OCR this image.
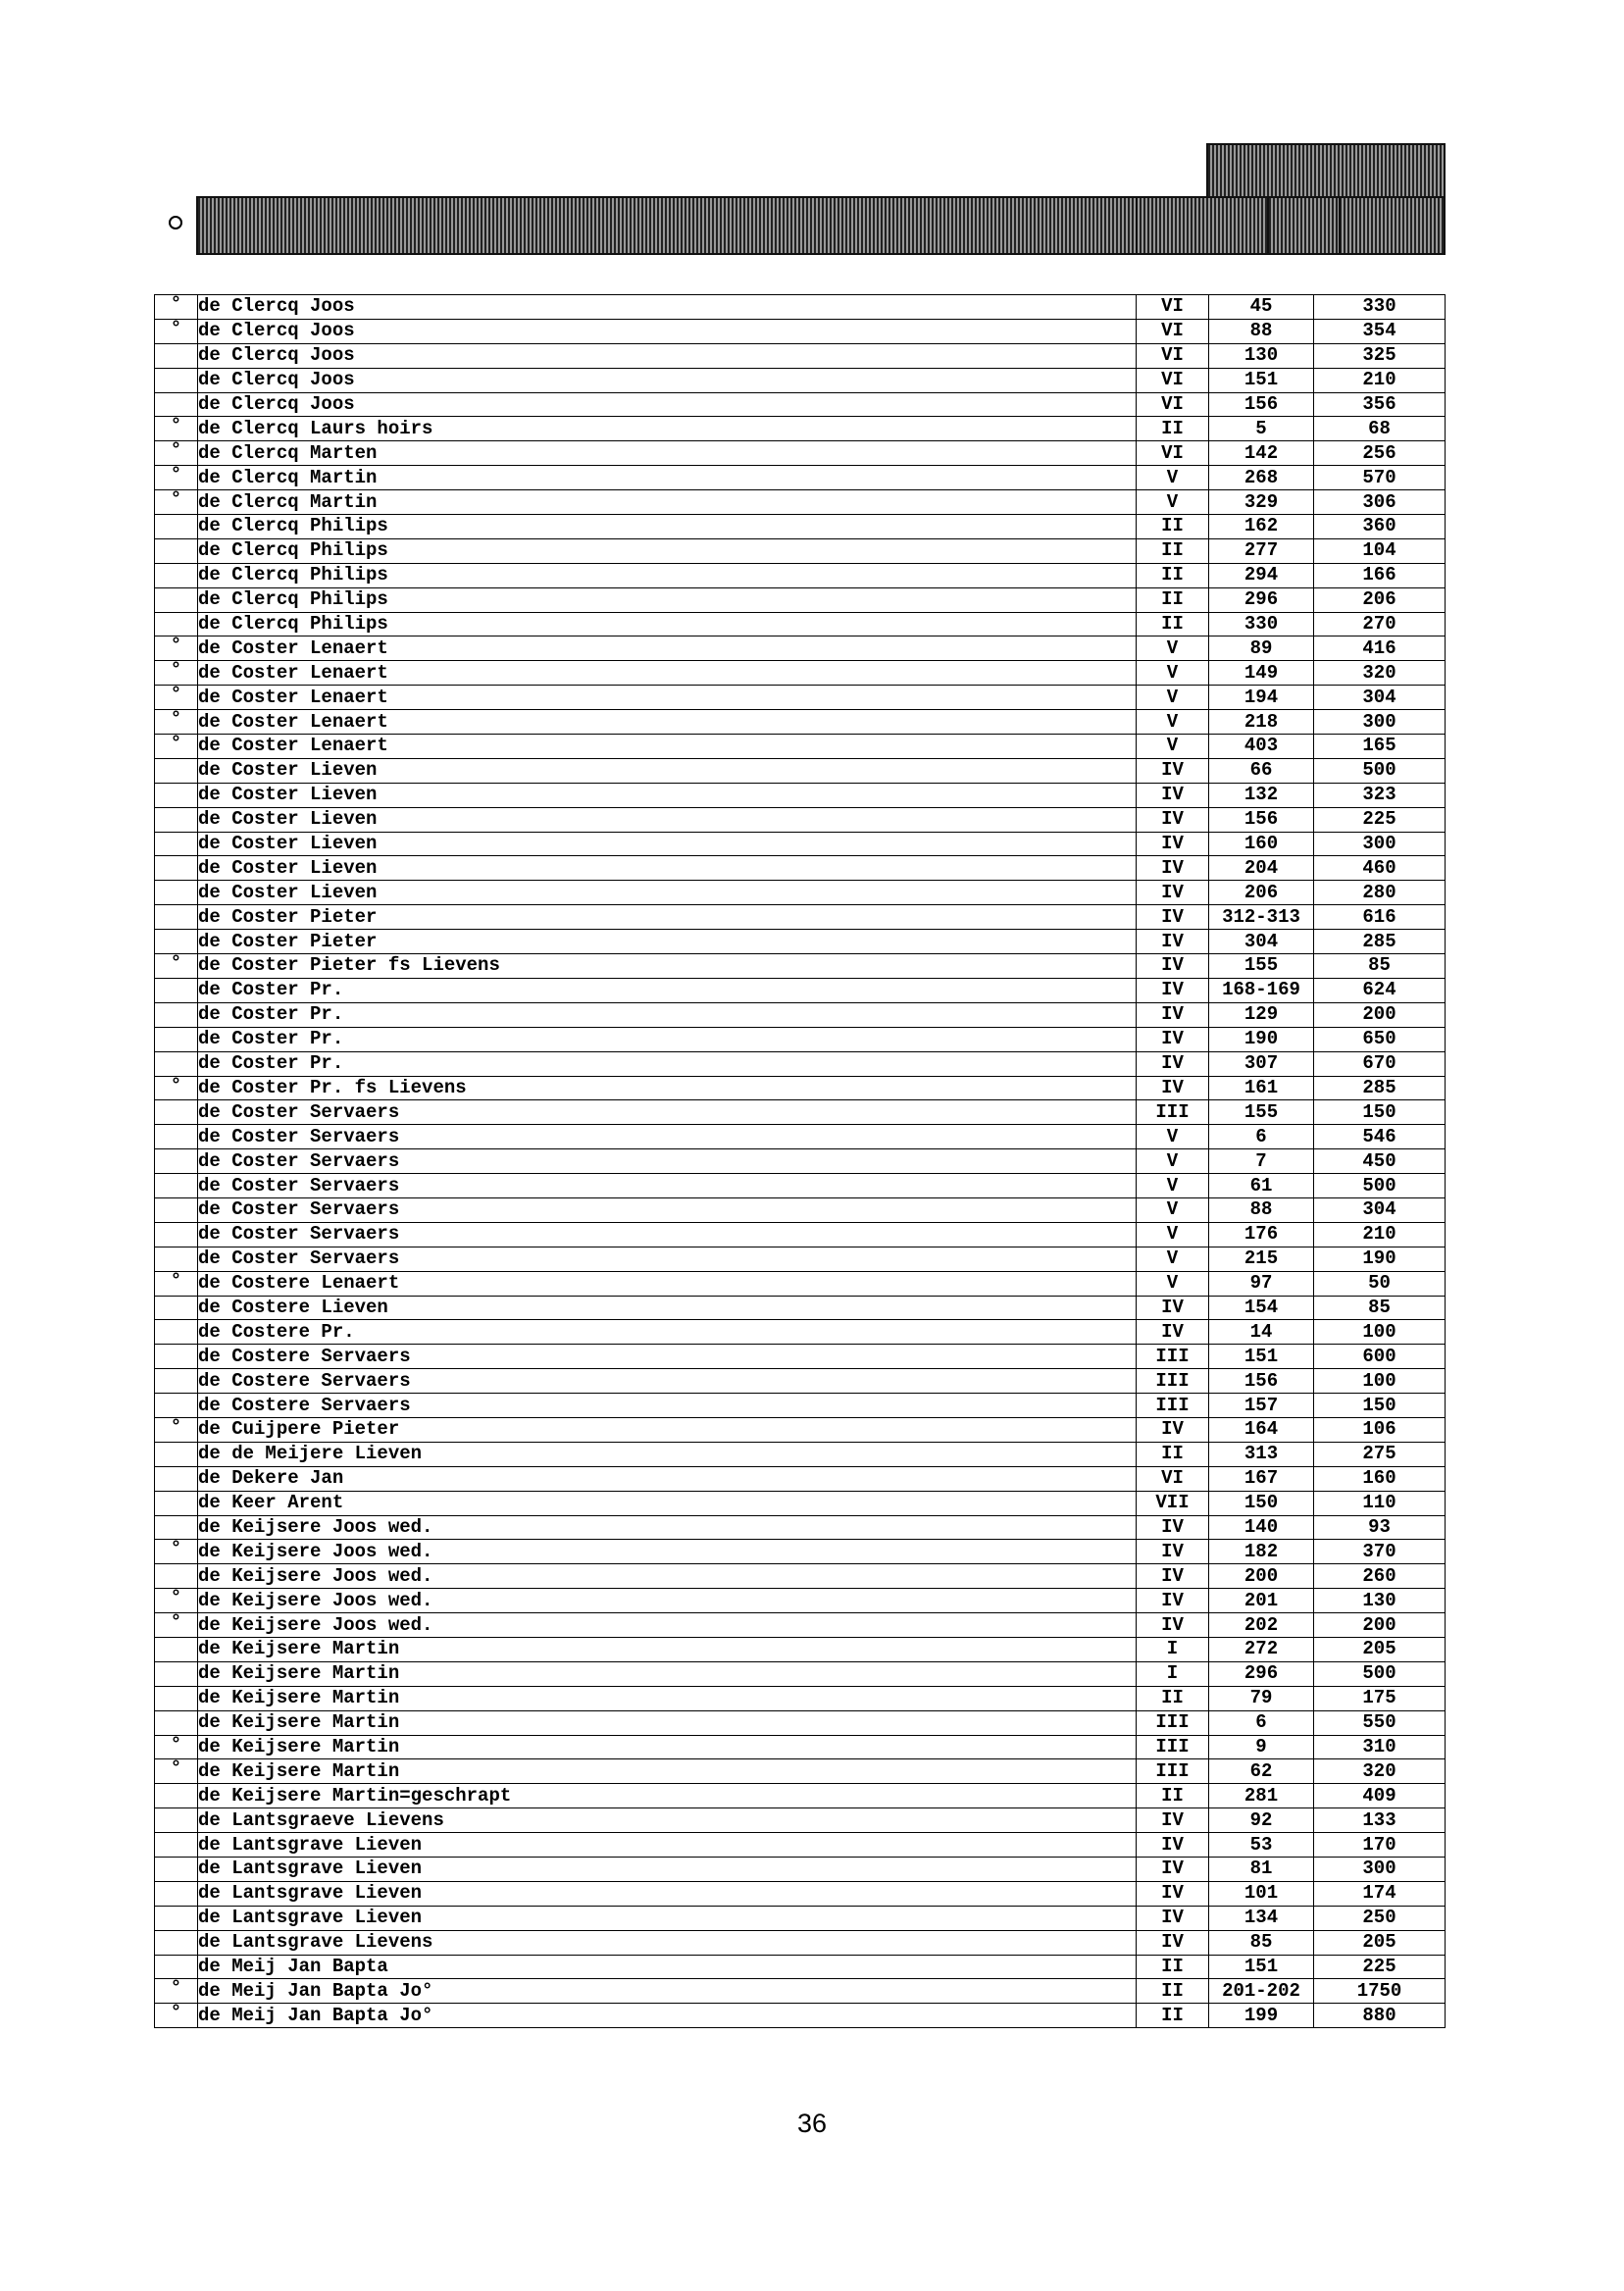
°	de Clercq Joos	VI	45	330
°	de Clercq Joos	VI	88	354
	de Clercq Joos	VI	130	325
	de Clercq Joos	VI	151	210
	de Clercq Joos	VI	156	356
°	de Clercq Laurs hoirs	II	5	68
°	de Clercq Marten	VI	142	256
°	de Clercq Martin	V	268	570
°	de Clercq Martin	V	329	306
	de Clercq Philips	II	162	360
	de Clercq Philips	II	277	104
	de Clercq Philips	II	294	166
	de Clercq Philips	II	296	206
	de Clercq Philips	II	330	270
°	de Coster Lenaert	V	89	416
°	de Coster Lenaert	V	149	320
°	de Coster Lenaert	V	194	304
°	de Coster Lenaert	V	218	300
°	de Coster Lenaert	V	403	165
	de Coster Lieven	IV	66	500
	de Coster Lieven	IV	132	323
	de Coster Lieven	IV	156	225
	de Coster Lieven	IV	160	300
	de Coster Lieven	IV	204	460
	de Coster Lieven	IV	206	280
	de Coster Pieter	IV	312-313	616
	de Coster Pieter	IV	304	285
°	de Coster Pieter fs Lievens	IV	155	85
	de Coster Pr.	IV	168-169	624
	de Coster Pr.	IV	129	200
	de Coster Pr.	IV	190	650
	de Coster Pr.	IV	307	670
°	de Coster Pr. fs Lievens	IV	161	285
	de Coster Servaers	III	155	150
	de Coster Servaers	V	6	546
	de Coster Servaers	V	7	450
	de Coster Servaers	V	61	500
	de Coster Servaers	V	88	304
	de Coster Servaers	V	176	210
	de Coster Servaers	V	215	190
°	de Costere Lenaert	V	97	50
	de Costere Lieven	IV	154	85
	de Costere Pr.	IV	14	100
	de Costere Servaers	III	151	600
	de Costere Servaers	III	156	100
	de Costere Servaers	III	157	150
°	de Cuijpere Pieter	IV	164	106
	de de Meijere Lieven	II	313	275
	de Dekere Jan	VI	167	160
	de Keer Arent	VII	150	110
	de Keijsere Joos wed.	IV	140	93
°	de Keijsere Joos wed.	IV	182	370
	de Keijsere Joos wed.	IV	200	260
°	de Keijsere Joos wed.	IV	201	130
°	de Keijsere Joos wed.	IV	202	200
	de Keijsere Martin	I	272	205
	de Keijsere Martin	I	296	500
	de Keijsere Martin	II	79	175
	de Keijsere Martin	III	6	550
°	de Keijsere Martin	III	9	310
°	de Keijsere Martin	III	62	320
	de Keijsere Martin=geschrapt	II	281	409
	de Lantsgraeve Lievens	IV	92	133
	de Lantsgrave Lieven	IV	53	170
	de Lantsgrave Lieven	IV	81	300
	de Lantsgrave Lieven	IV	101	174
	de Lantsgrave Lieven	IV	134	250
	de Lantsgrave Lievens	IV	85	205
	de Meij Jan Bapta	II	151	225
°	de Meij Jan Bapta Jo°	II	201-202	1750
°	de Meij Jan Bapta Jo°	II	199	880
36
